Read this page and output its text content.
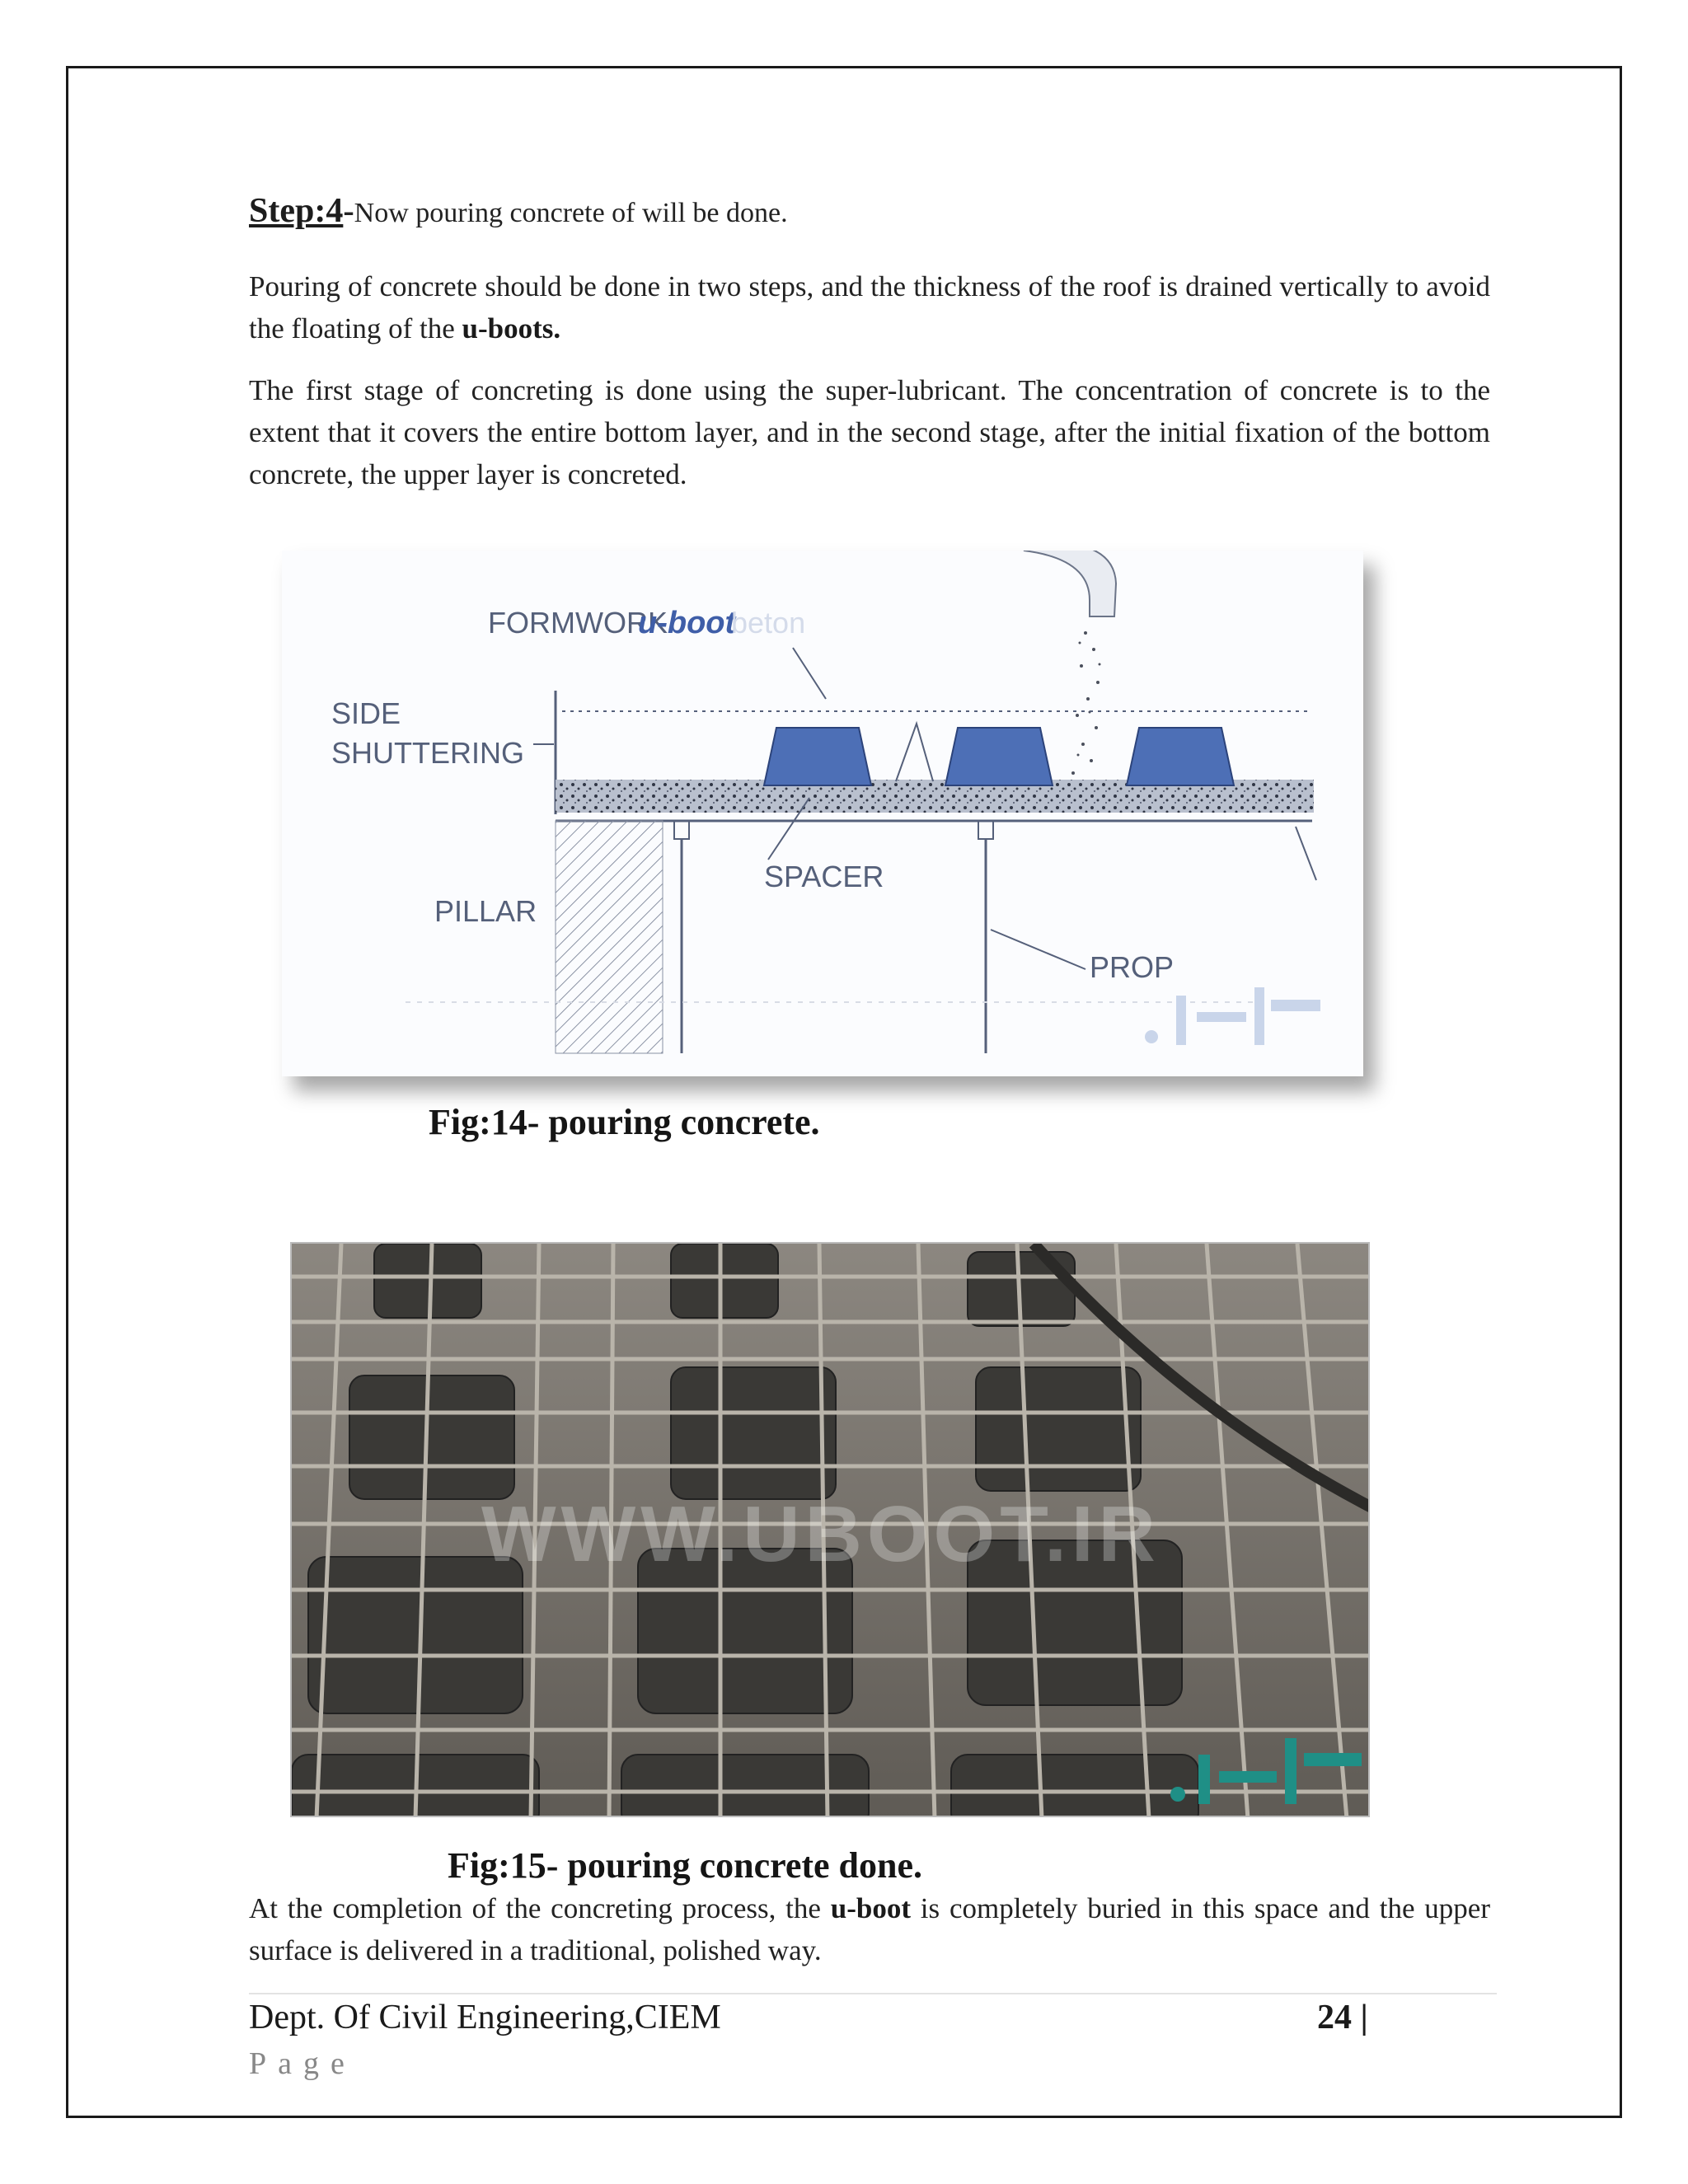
Step:4-Now pouring concrete of will be done.
Pouring of concrete should be done in two steps, and the thickness of the roof is drained vertically to avoid the floating of the u-boots.
The first stage of concreting is done using the super-lubricant. The concentration of concrete is to the extent that it covers the entire bottom layer, and in the second stage, after the initial fixation of the bottom concrete, the upper layer is concreted.
FORMWORK
u-boot
beton
SIDE
SHUTTERING
PILLAR
SPACER
PROP
Fig:14- pouring concrete.
WWW.UBOOT.IR
Fig:15- pouring concrete done.
At the completion of the concreting process, the u-boot is completely buried in this space and the upper surface is delivered in a traditional, polished way.
Dept. Of Civil Engineering,CIEM	24 |
Page
